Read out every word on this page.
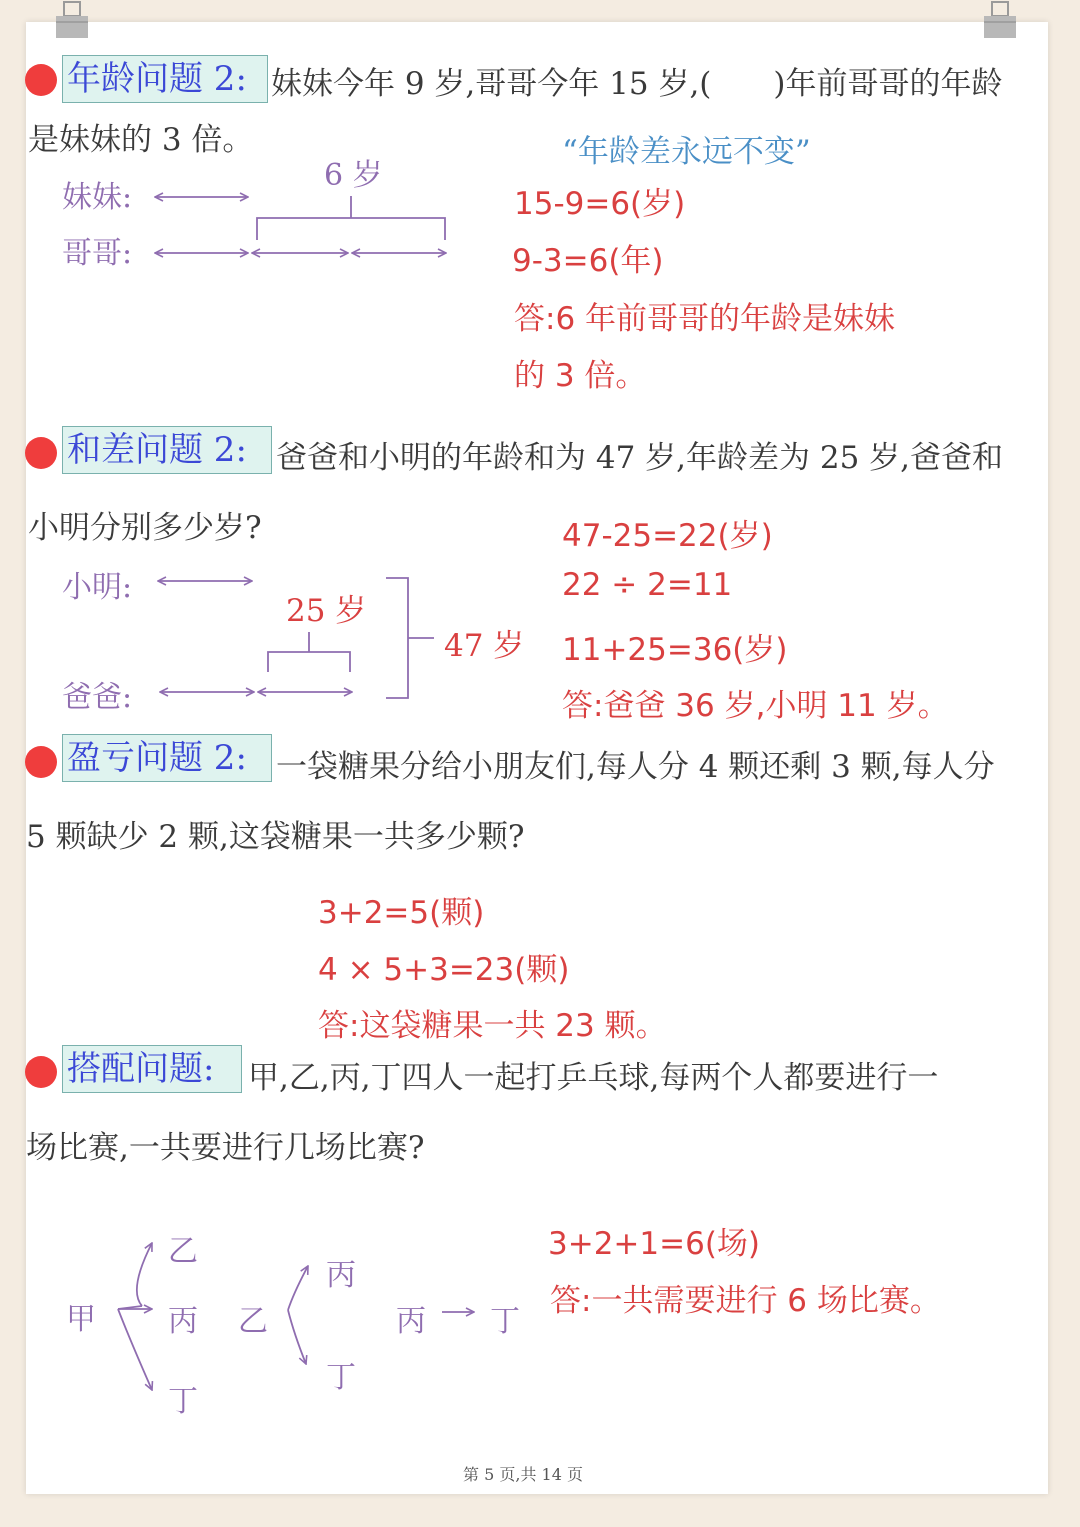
年龄问题 2: 妹妹今年 9 岁,哥哥今年 15 岁,(　　)年前哥哥的年龄
是妹妹的 3 倍。	“年龄差永远不变”
妹妹:
哥哥:
6 岁
15-9=6(岁)
9-3=6(年)
答:6 年前哥哥的年龄是妹妹
的 3 倍。
和差问题 2: 爸爸和小明的年龄和为 47 岁,年龄差为 25 岁,爸爸和
小明分别多少岁?
小明:
爸爸:
25 岁
47 岁
47-25=22(岁)
22 ÷ 2=11
11+25=36(岁)
答:爸爸 36 岁,小明 11 岁。
盈亏问题 2: 一袋糖果分给小朋友们,每人分 4 颗还剩 3 颗,每人分
5 颗缺少 2 颗,这袋糖果一共多少颗?
3+2=5(颗)
4 × 5+3=23(颗)
答:这袋糖果一共 23 颗。
搭配问题:	甲,乙,丙,丁四人一起打乒乓球,每两个人都要进行一
场比赛,一共要进行几场比赛?
甲
乙
丙
丁
乙
丙
丁
丙 丁
3+2+1=6(场)
答:一共需要进行 6 场比赛。
第 5 页,共 14 页
